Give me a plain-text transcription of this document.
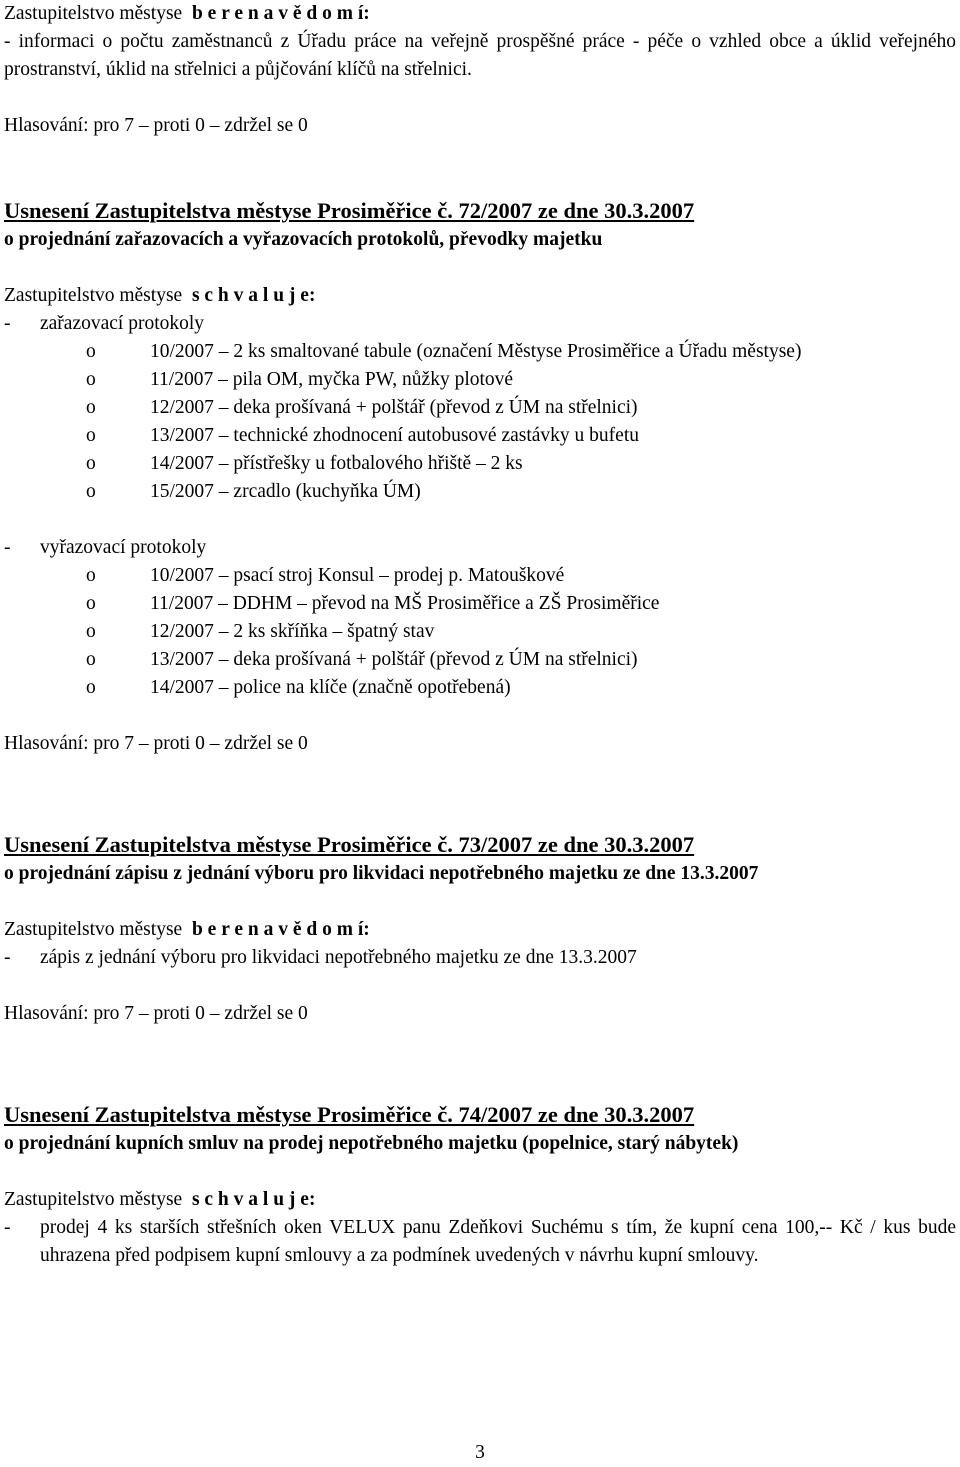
Zastupitelstvo městyse b e r e n a v ě d o m í:

- informaci o počtu zaměstnanců z Úřadu práce na veřejně prospěšné práce - péče o vzhled obce a úklid veřejného prostranství, úklid na střelnici a půjčování klíčů na střelnici.

Hlasování: pro 7 – proti 0 – zdržel se 0

Usnesení Zastupitelstva městyse Prosiměřice č. 72/2007 ze dne 30.3.2007

o projednání zařazovacích a vyřazovacích protokolů, převodky majetku

Zastupitelstvo městyse s c h v a l u j e:

-	zařazovací protokoly
o	10/2007 – 2 ks smaltované tabule (označení Městyse Prosiměřice a Úřadu městyse)
o	11/2007 – pila OM, myčka PW, nůžky plotové
o	12/2007 – deka prošívaná + polštář (převod z ÚM na střelnici)
o	13/2007 – technické zhodnocení autobusové zastávky u bufetu
o	14/2007 – přístřešky u fotbalového hřiště – 2 ks
o	15/2007 – zrcadlo (kuchyňka ÚM)
-	vyřazovací protokoly
o	10/2007 – psací stroj Konsul – prodej p. Matouškové
o	11/2007 – DDHM – převod na MŠ Prosiměřice a ZŠ Prosiměřice
o	12/2007 – 2 ks skříňka – špatný stav
o	13/2007 – deka prošívaná + polštář (převod z ÚM na střelnici)
o	14/2007 – police na klíče (značně opotřebená)

Hlasování: pro 7 – proti 0 – zdržel se 0

Usnesení Zastupitelstva městyse Prosiměřice č. 73/2007 ze dne 30.3.2007

o projednání zápisu z jednání výboru pro likvidaci nepotřebného majetku ze dne 13.3.2007

Zastupitelstvo městyse b e r e n a v ě d o m í:

-	zápis z jednání výboru pro likvidaci nepotřebného majetku ze dne 13.3.2007

Hlasování: pro 7 – proti 0 – zdržel se 0

Usnesení Zastupitelstva městyse Prosiměřice č. 74/2007 ze dne 30.3.2007

o projednání kupních smluv na prodej nepotřebného majetku (popelnice, starý nábytek)

Zastupitelstvo městyse s c h v a l u j e:

-	prodej 4 ks starších střešních oken VELUX panu Zdeňkovi Suchému s tím, že kupní cena 100,-- Kč / kus bude uhrazena před podpisem kupní smlouvy a za podmínek uvedených v návrhu kupní smlouvy.
3
